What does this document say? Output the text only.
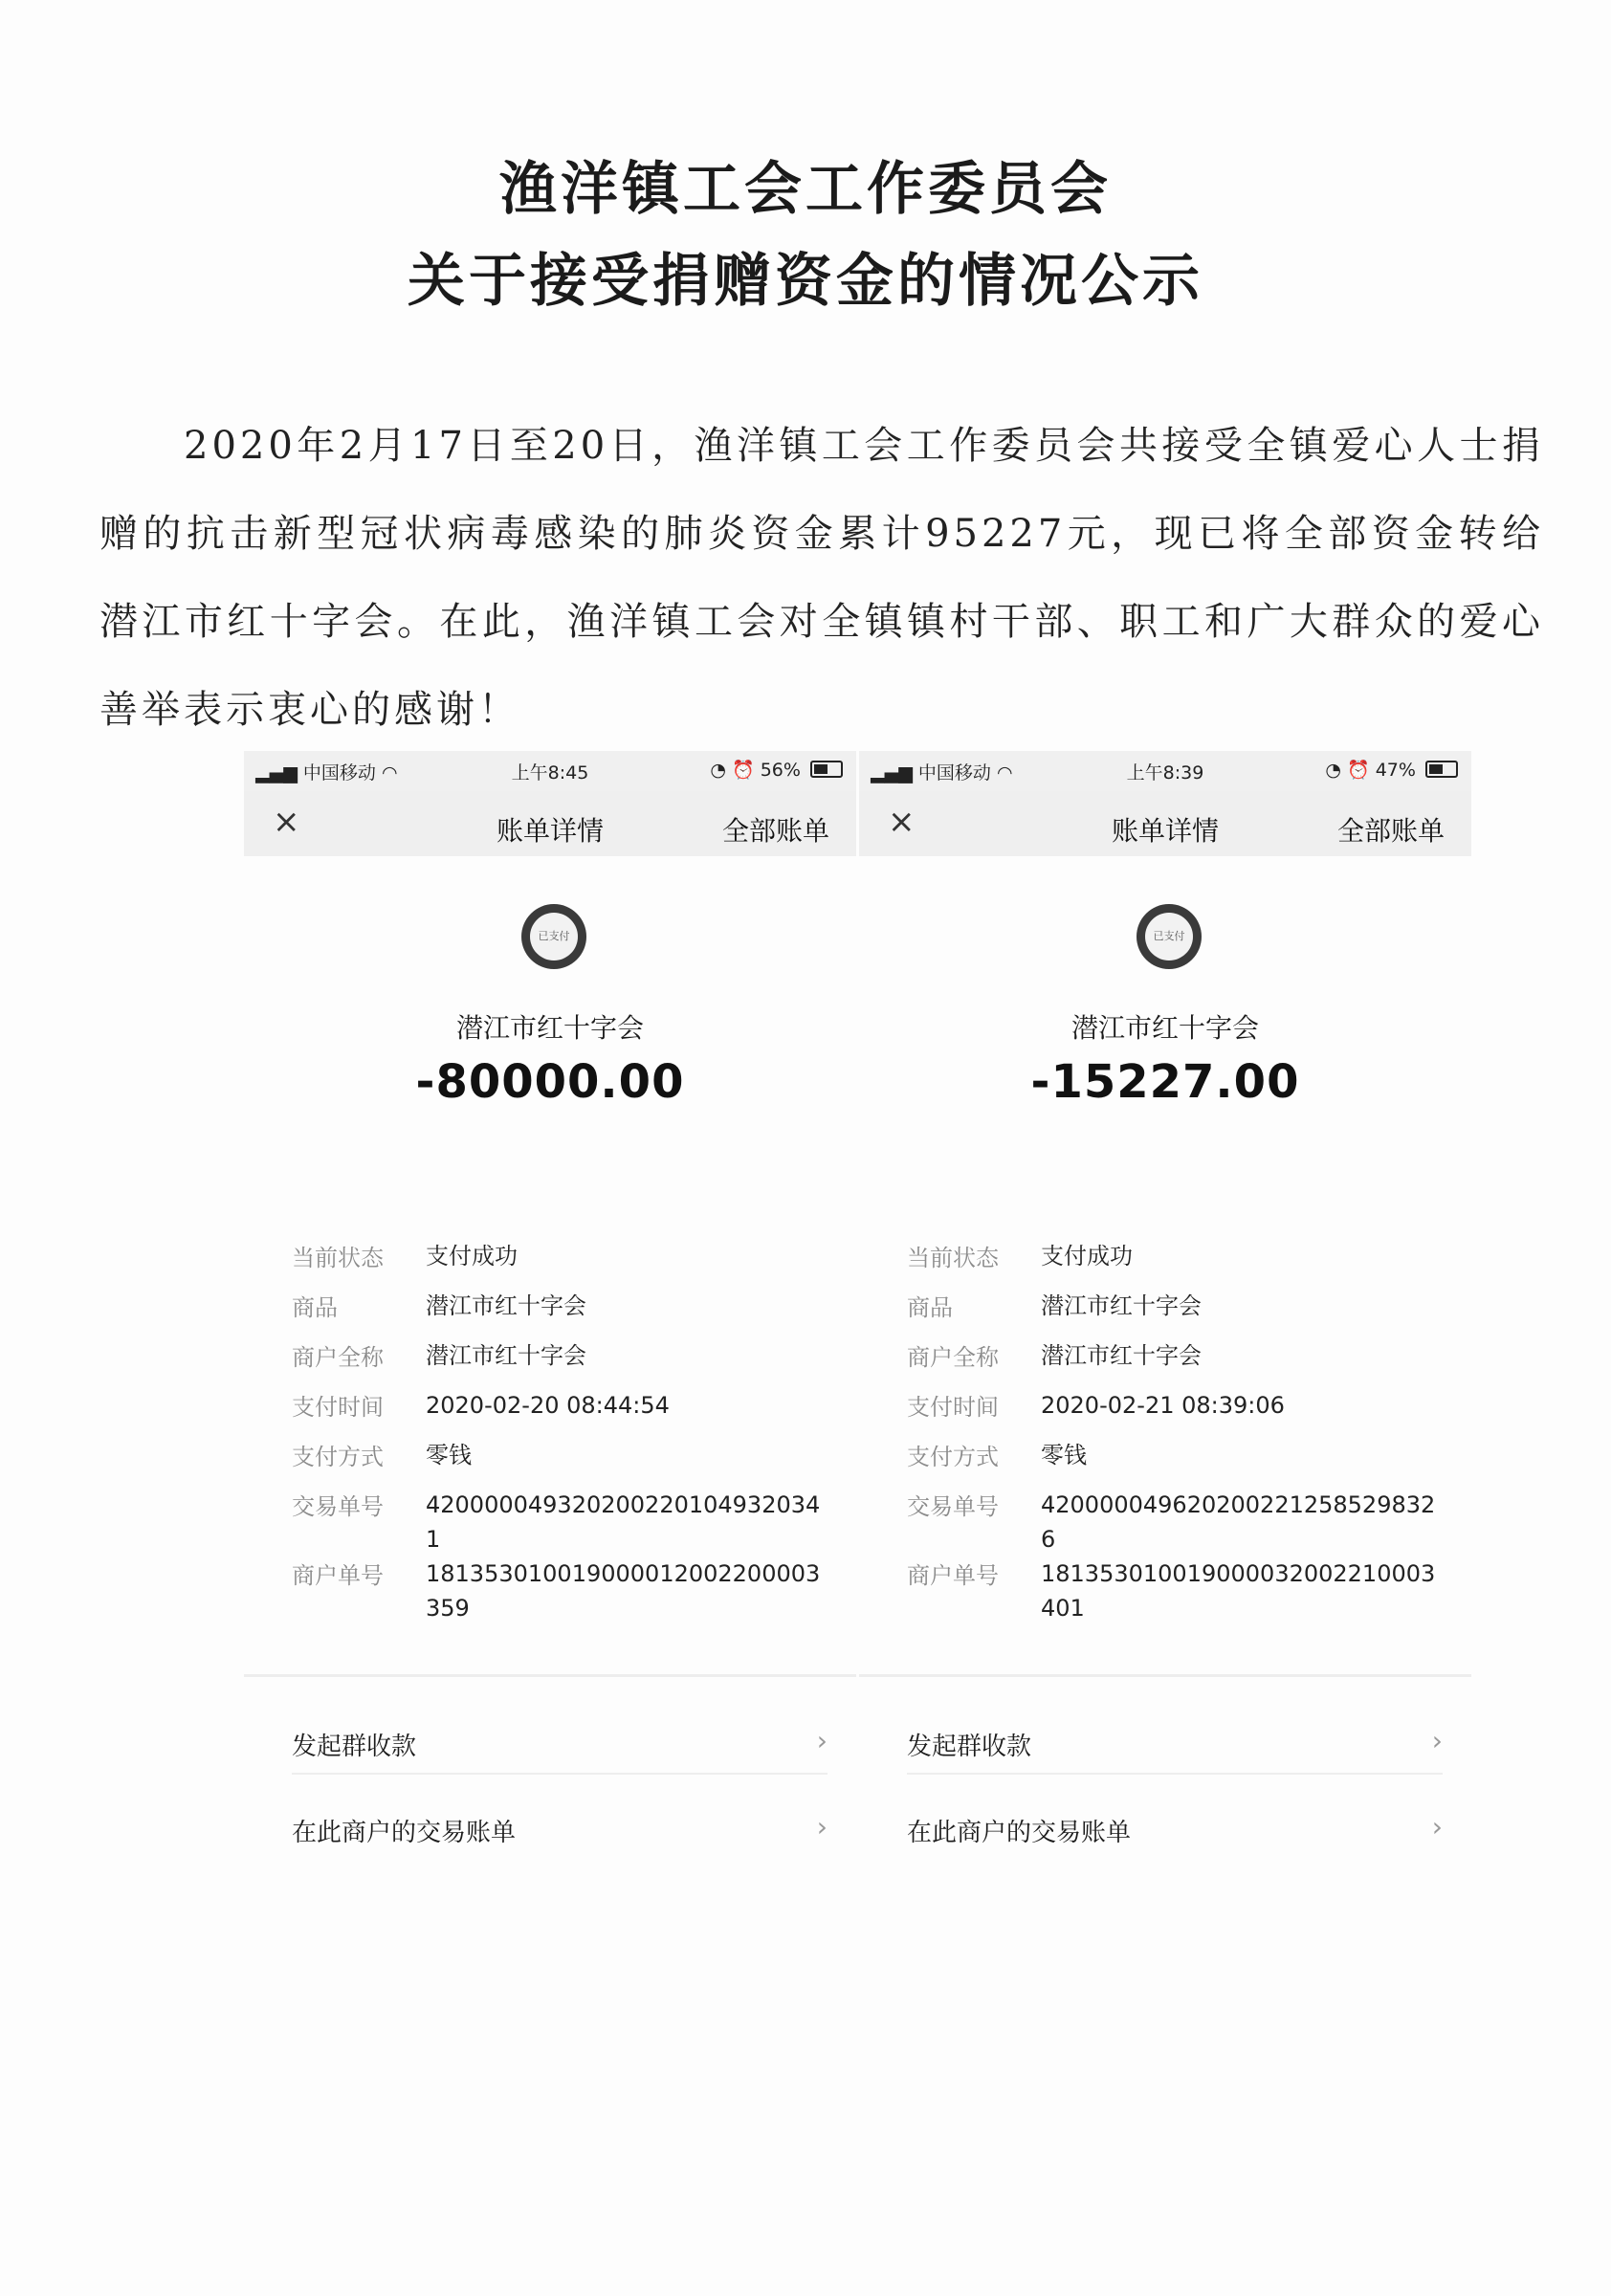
渔洋镇工会工作委员会
关于接受捐赠资金的情况公示
2020年2月17日至20日，渔洋镇工会工作委员会共接受全镇爱心人士捐赠的抗击新型冠状病毒感染的肺炎资金累计95227元，现已将全部资金转给潜江市红十字会。在此，渔洋镇工会对全镇镇村干部、职工和广大群众的爱心善举表示衷心的感谢！
▂▄▆ 中国移动 ◠	上午8:45	◔ ⏰ 56%
×	账单详情	全部账单
已支付
潜江市红十字会
-80000.00
当前状态	支付成功
商品	潜江市红十字会
商户全称	潜江市红十字会
支付时间	2020-02-20 08:44:54
支付方式	零钱
交易单号	420000049320200220104932034 1
商户单号	181353010019000012002200003359
发起群收款	›
在此商户的交易账单	›
▂▄▆ 中国移动 ◠	上午8:39	◔ ⏰ 47%
×	账单详情	全部账单
已支付
潜江市红十字会
-15227.00
当前状态	支付成功
商品	潜江市红十字会
商户全称	潜江市红十字会
支付时间	2020-02-21 08:39:06
支付方式	零钱
交易单号	420000049620200221258529832 6
商户单号	181353010019000032002210003401
发起群收款	›
在此商户的交易账单	›
